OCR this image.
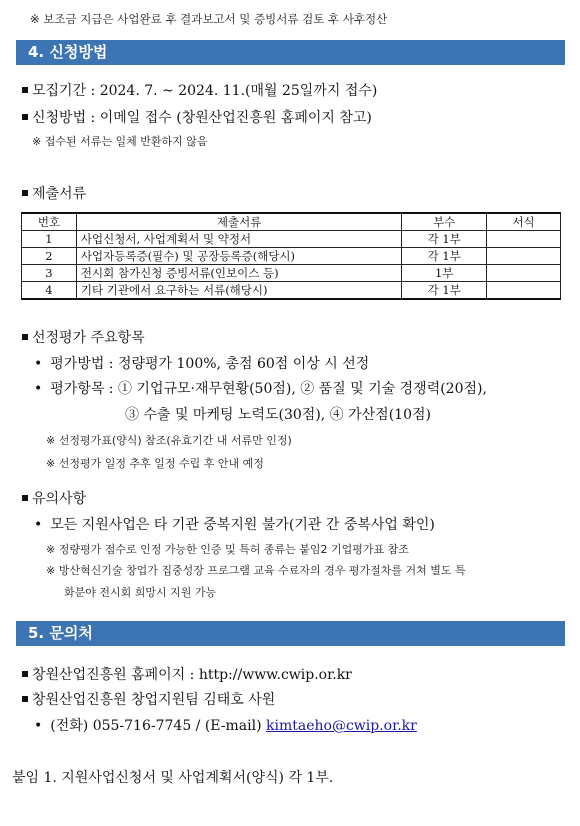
※ 보조금 지급은 사업완료 후 결과보고서 및 증빙서류 검토 후 사후정산
4. 신청방법
모집기간 : 2024. 7. ~ 2024. 11.(매월 25일까지 접수)
신청방법 : 이메일 접수 (창원산업진흥원 홈페이지 참고)
※ 접수된 서류는 일체 반환하지 않음
제출서류
번호	제출서류	부수	서식
1	사업신청서, 사업계획서 및 약정서	각 1부	
2	사업자등록증(필수) 및 공장등록증(해당시)	각 1부	
3	전시회 참가신청 증빙서류(인보이스 등)	1부	
4	기타 기관에서 요구하는 서류(해당시)	각 1부	
선정평가 주요항목
• 평가방법 : 정량평가 100%, 총점 60점 이상 시 선정
• 평가항목 : ① 기업규모·재무현황(50점), ② 품질 및 기술 경쟁력(20점),
③ 수출 및 마케팅 노력도(30점), ④ 가산점(10점)
※ 선정평가표(양식) 참조(유효기간 내 서류만 인정)
※ 선정평가 일정 추후 일정 수립 후 안내 예정
유의사항
• 모든 지원사업은 타 기관 중복지원 불가(기관 간 중복사업 확인)
※ 정량평가 점수로 인정 가능한 인증 및 특허 종류는 붙임2 기업평가표 참조
※ 방산혁신기술 창업가 집중성장 프로그램 교육 수료자의 경우 평가절차를 거쳐 별도 특
화분야 전시회 희망시 지원 가능
5. 문의처
창원산업진흥원 홈페이지 : http://www.cwip.or.kr
창원산업진흥원 창업지원팀 김태호 사원
• (전화) 055-716-7745 / (E-mail) kimtaeho@cwip.or.kr
붙임 1. 지원사업신청서 및 사업계획서(양식) 각 1부.
